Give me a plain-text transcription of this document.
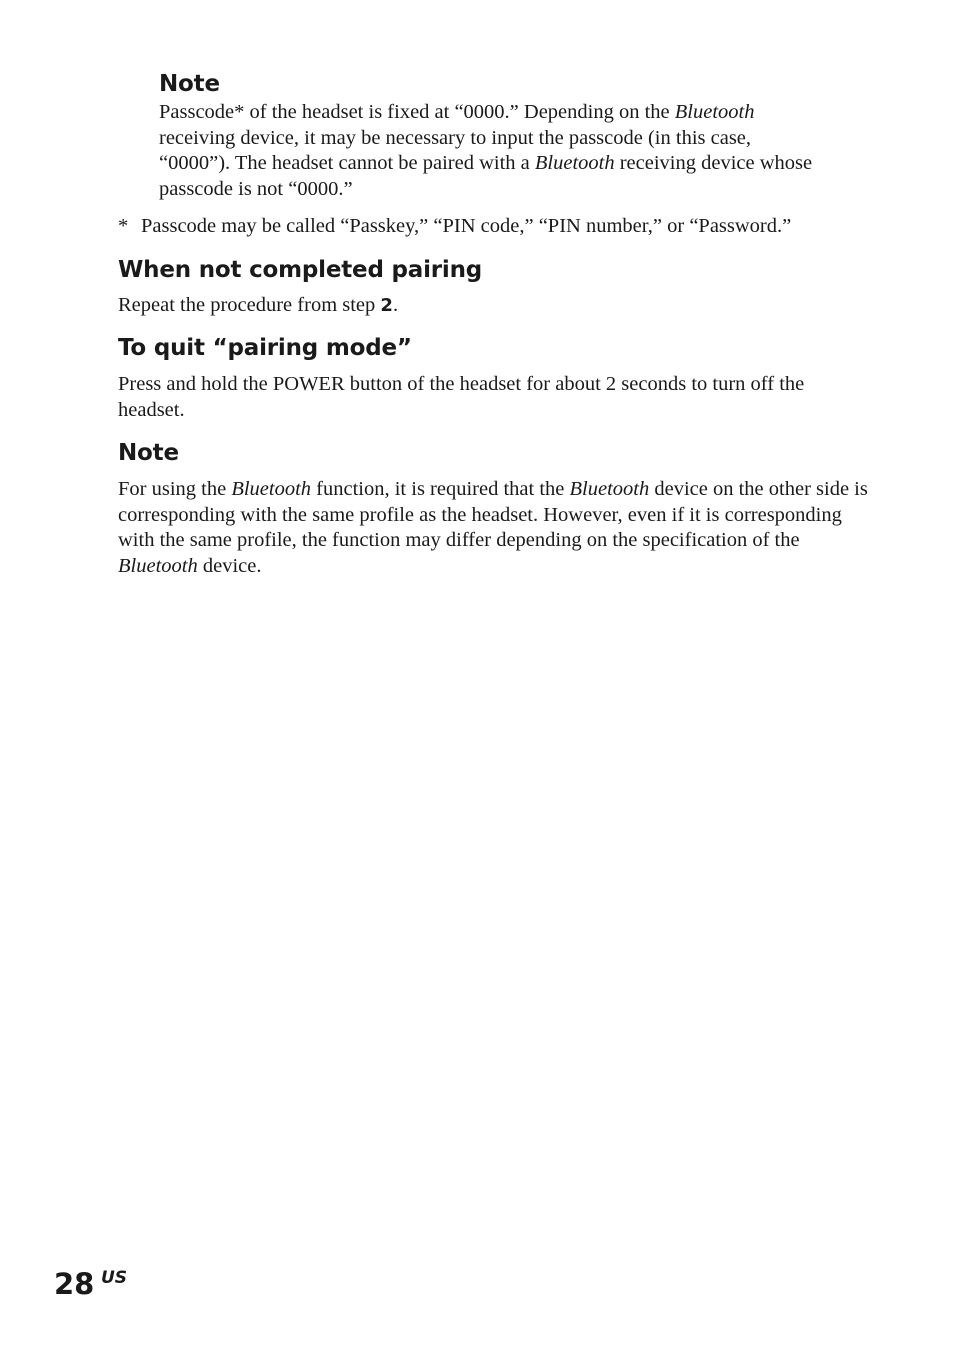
Note

Passcode* of the headset is fixed at “0000.” Depending on the Bluetooth receiving device, it may be necessary to input the passcode (in this case, “0000”). The headset cannot be paired with a Bluetooth receiving device whose passcode is not “0000.”

* Passcode may be called “Passkey,” “PIN code,” “PIN number,” or “Password.”

When not completed pairing

Repeat the procedure from step 2.

To quit “pairing mode”

Press and hold the POWER button of the headset for about 2 seconds to turn off the headset.

Note

For using the Bluetooth function, it is required that the Bluetooth device on the other side is corresponding with the same profile as the headset. However, even if it is corresponding with the same profile, the function may differ depending on the specification of the Bluetooth device.

28 US
